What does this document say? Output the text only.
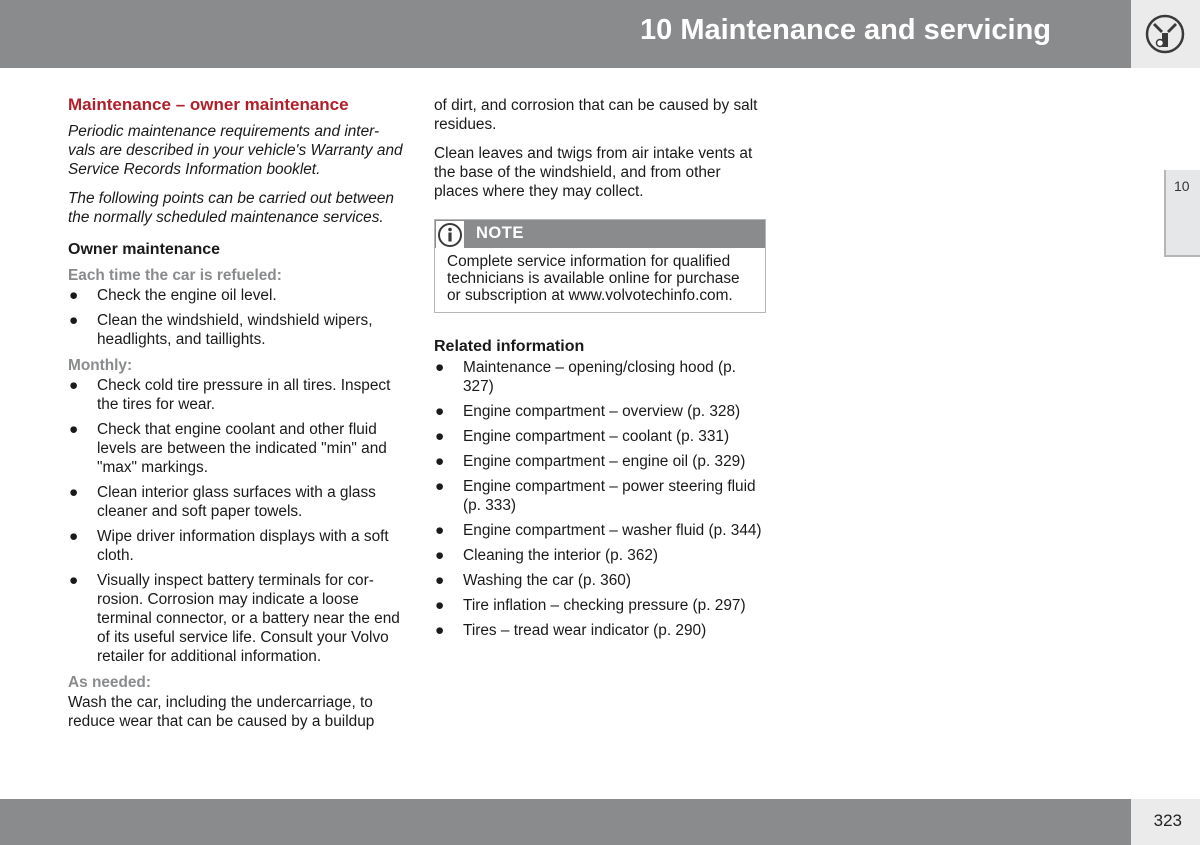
10 Maintenance and servicing
10
Maintenance – owner maintenance

Periodic maintenance requirements and inter-vals are described in your vehicle's Warranty and Service Records Information booklet.

The following points can be carried out between the normally scheduled maintenance services.

Owner maintenance
Each time the car is refueled:
● Check the engine oil level.
● Clean the windshield, windshield wipers, headlights, and taillights.
Monthly:
● Check cold tire pressure in all tires. Inspect the tires for wear.
● Check that engine coolant and other fluid levels are between the indicated "min" and "max" markings.
● Clean interior glass surfaces with a glass cleaner and soft paper towels.
● Wipe driver information displays with a soft cloth.
● Visually inspect battery terminals for cor-rosion. Corrosion may indicate a loose terminal connector, or a battery near the end of its useful service life. Consult your Volvo retailer for additional information.
As needed:

Wash the car, including the undercarriage, to reduce wear that can be caused by a buildup

of dirt, and corrosion that can be caused by salt residues.

Clean leaves and twigs from air intake vents at the base of the windshield, and from other places where they may collect.

NOTE
Complete service information for qualified technicians is available online for purchase or subscription at www.volvotechinfo.com.
Related information
● Maintenance – opening/closing hood (p. 327)
● Engine compartment – overview (p. 328)
● Engine compartment – coolant (p. 331)
● Engine compartment – engine oil (p. 329)
● Engine compartment – power steering fluid (p. 333)
● Engine compartment – washer fluid (p. 344)
● Cleaning the interior (p. 362)
● Washing the car (p. 360)
● Tire inflation – checking pressure (p. 297)
● Tires – tread wear indicator (p. 290)
323
